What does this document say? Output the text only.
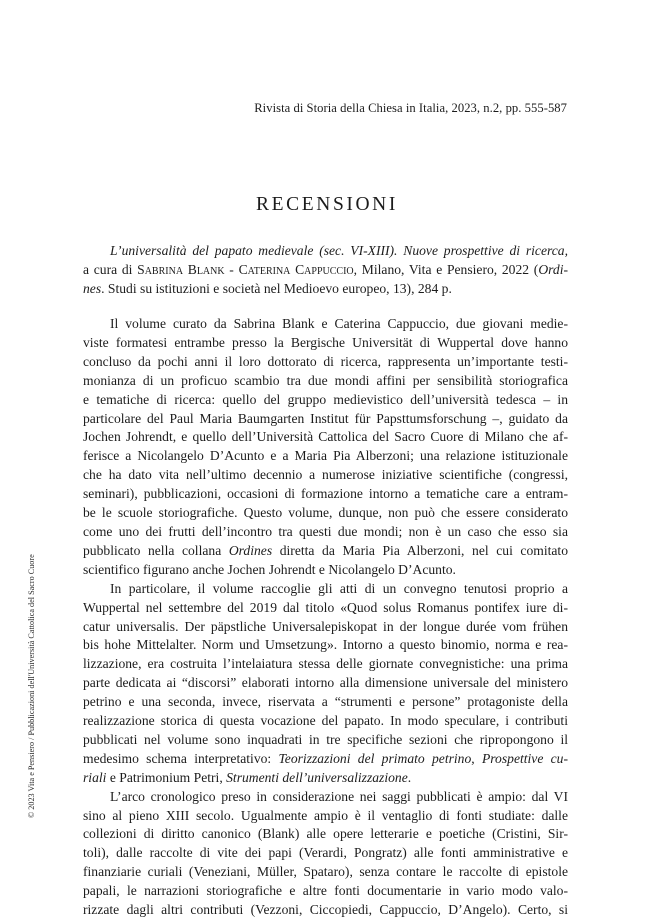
Rivista di Storia della Chiesa in Italia, 2023, n.2, pp. 555-587
RECENSIONI
L’universalità del papato medievale (sec. VI-XIII). Nuove prospettive di ricerca,
a cura di Sabrina Blank - Caterina Cappuccio, Milano, Vita e Pensiero, 2022 (Ordi-
nes. Studi su istituzioni e società nel Medioevo europeo, 13), 284 p.
Il volume curato da Sabrina Blank e Caterina Cappuccio, due giovani medie-
viste formatesi entrambe presso la Bergische Universität di Wuppertal dove hanno
concluso da pochi anni il loro dottorato di ricerca, rappresenta un’importante testi-
monianza di un proficuo scambio tra due mondi affini per sensibilità storiografica
e tematiche di ricerca: quello del gruppo medievistico dell’università tedesca – in
particolare del Paul Maria Baumgarten Institut für Papsttumsforschung –, guidato da
Jochen Johrendt, e quello dell’Università Cattolica del Sacro Cuore di Milano che af-
ferisce a Nicolangelo D’Acunto e a Maria Pia Alberzoni; una relazione istituzionale
che ha dato vita nell’ultimo decennio a numerose iniziative scientifiche (congressi,
seminari), pubblicazioni, occasioni di formazione intorno a tematiche care a entram-
be le scuole storiografiche. Questo volume, dunque, non può che essere considerato
come uno dei frutti dell’incontro tra questi due mondi; non è un caso che esso sia
pubblicato nella collana Ordines diretta da Maria Pia Alberzoni, nel cui comitato
scientifico figurano anche Jochen Johrendt e Nicolangelo D’Acunto.
In particolare, il volume raccoglie gli atti di un convegno tenutosi proprio a
Wuppertal nel settembre del 2019 dal titolo «Quod solus Romanus pontifex iure di-
catur universalis. Der päpstliche Universalepiskopat in der longue durée vom frühen
bis hohe Mittelalter. Norm und Umsetzung». Intorno a questo binomio, norma e rea-
lizzazione, era costruita l’intelaiatura stessa delle giornate convegnistiche: una prima
parte dedicata ai “discorsi” elaborati intorno alla dimensione universale del ministero
petrino e una seconda, invece, riservata a “strumenti e persone” protagoniste della
realizzazione storica di questa vocazione del papato. In modo speculare, i contributi
pubblicati nel volume sono inquadrati in tre specifiche sezioni che ripropongono il
medesimo schema interpretativo: Teorizzazioni del primato petrino, Prospettive cu-
riali e Patrimonium Petri, Strumenti dell’universalizzazione.
L’arco cronologico preso in considerazione nei saggi pubblicati è ampio: dal VI
sino al pieno XIII secolo. Ugualmente ampio è il ventaglio di fonti studiate: dalle
collezioni di diritto canonico (Blank) alle opere letterarie e poetiche (Cristini, Sir-
toli), dalle raccolte di vite dei papi (Verardi, Pongratz) alle fonti amministrative e
finanziarie curiali (Veneziani, Müller, Spataro), senza contare le raccolte di epistole
papali, le narrazioni storiografiche e altre fonti documentarie in vario modo valo-
rizzate dagli altri contributi (Vezzoni, Ciccopiedi, Cappuccio, D’Angelo). Certo, si
© 2023 Vita e Pensiero / Pubblicazioni dell'Università Cattolica del Sacro Cuore
